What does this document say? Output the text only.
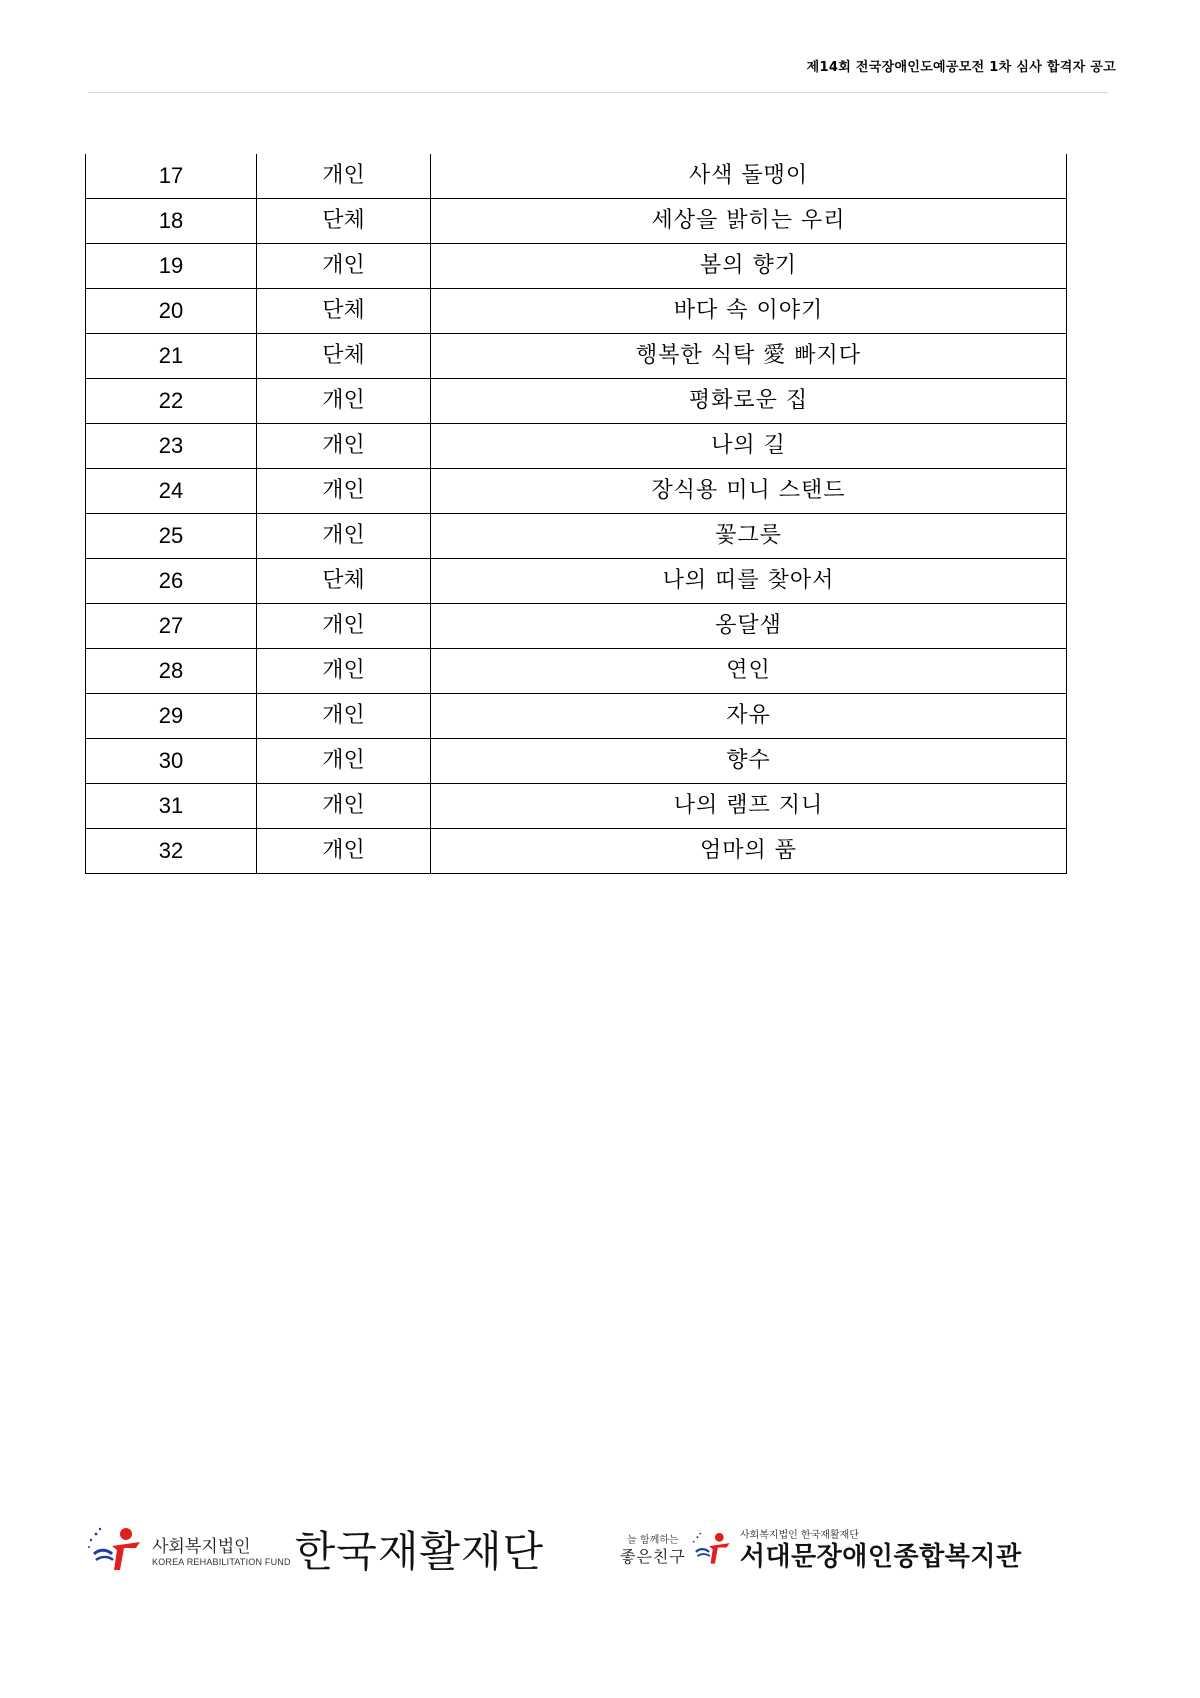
제14회 전국장애인도예공모전 1차 심사 합격자 공고
17	개인	사색 돌맹이
18	단체	세상을 밝히는 우리
19	개인	봄의 향기
20	단체	바다 속 이야기
21	단체	행복한 식탁 愛 빠지다
22	개인	평화로운 집
23	개인	나의 길
24	개인	장식용 미니 스탠드
25	개인	꽃그릇
26	단체	나의 띠를 찾아서
27	개인	옹달샘
28	개인	연인
29	개인	자유
30	개인	향수
31	개인	나의 램프 지니
32	개인	엄마의 품
사회복지법인
KOREA REHABILITATION FUND 한국재활재단	늘 함께하는
좋은친구
사회복지법인 한국재활재단
서대문장애인종합복지관
